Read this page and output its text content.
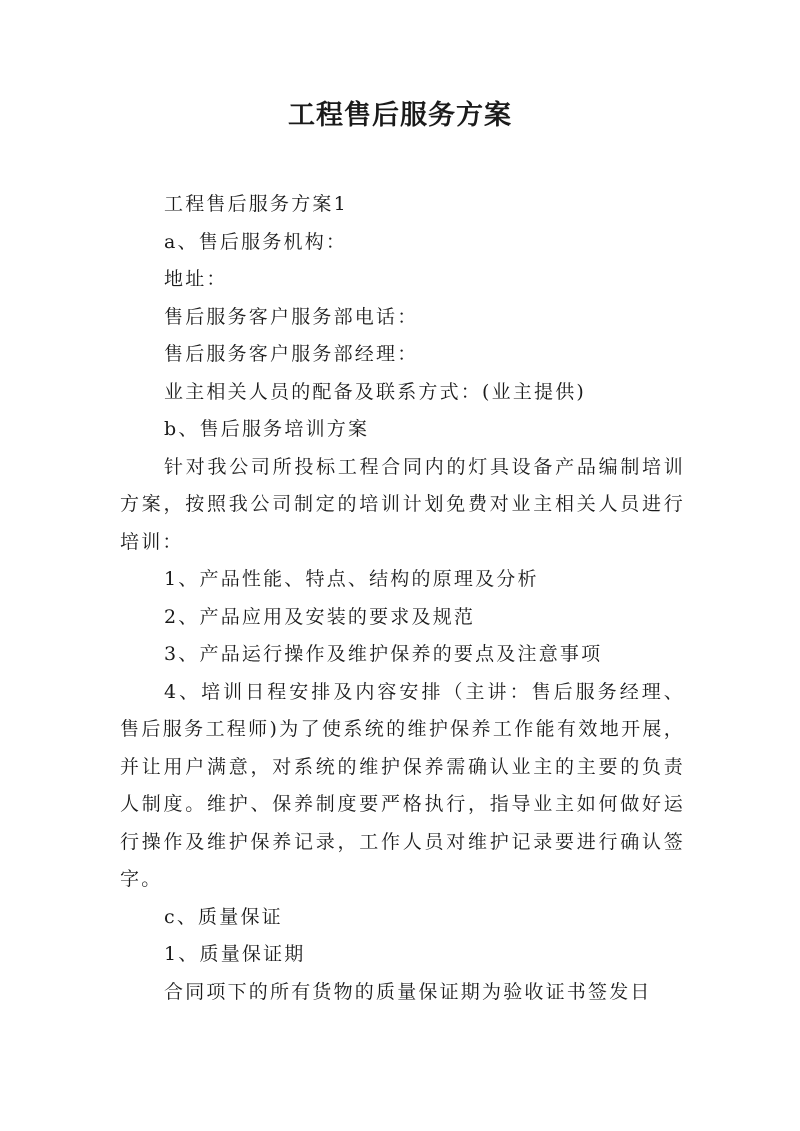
工程售后服务方案

工程售后服务方案1

a、售后服务机构：

地址：

售后服务客户服务部电话：

售后服务客户服务部经理：

业主相关人员的配备及联系方式：(业主提供)

b、售后服务培训方案

针对我公司所投标工程合同内的灯具设备产品编制培训方案，按照我公司制定的培训计划免费对业主相关人员进行培训：

1、产品性能、特点、结构的原理及分析

2、产品应用及安装的要求及规范

3、产品运行操作及维护保养的要点及注意事项

4、培训日程安排及内容安排（主讲：售后服务经理、售后服务工程师)为了使系统的维护保养工作能有效地开展，并让用户满意，对系统的维护保养需确认业主的主要的负责人制度。维护、保养制度要严格执行，指导业主如何做好运行操作及维护保养记录，工作人员对维护记录要进行确认签字。

c、质量保证

1、质量保证期

合同项下的所有货物的质量保证期为验收证书签发日
